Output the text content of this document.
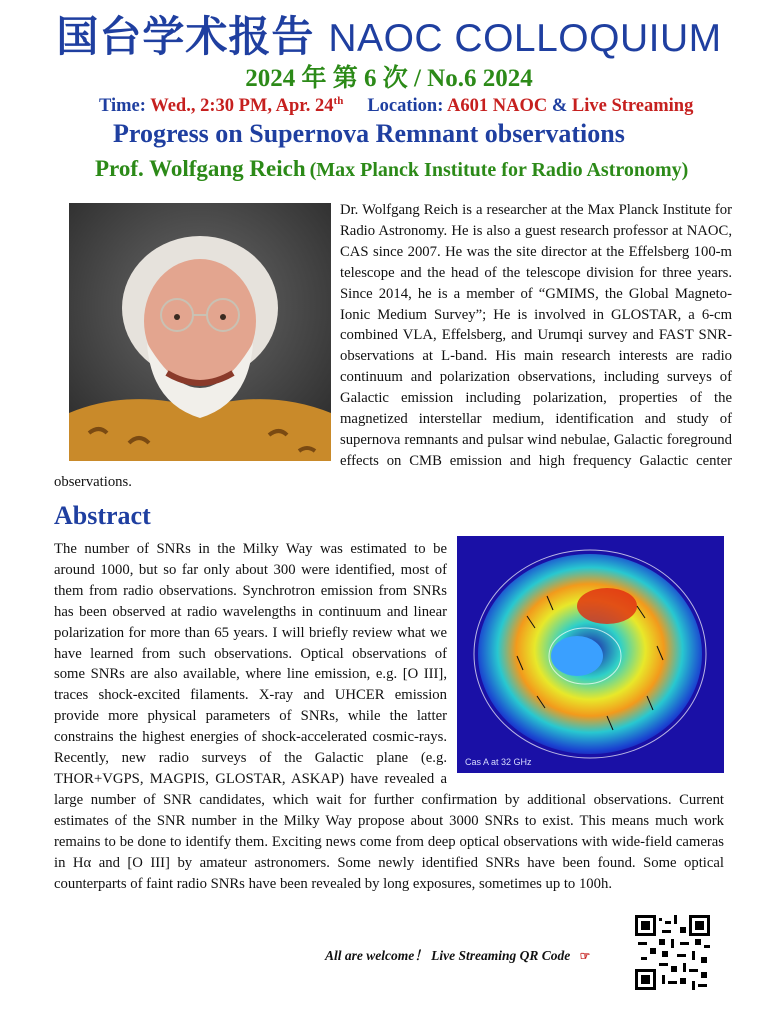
国台学术报告 NAOC COLLOQUIUM
2024 年 第 6 次 / No.6 2024
Time: Wed., 2:30 PM, Apr. 24th Location: A601 NAOC & Live Streaming
Progress on Supernova Remnant observations
Prof. Wolfgang Reich (Max Planck Institute for Radio Astronomy)
Dr. Wolfgang Reich is a researcher at the Max Planck Institute for Radio Astronomy. He is also a guest research professor at NAOC, CAS since 2007. He was the site director at the Effelsberg 100-m telescope and the head of the telescope division for three years. Since 2014, he is a member of “GMIMS, the Global Magneto-Ionic Medium Survey”; He is involved in GLOSTAR, a 6-cm combined VLA, Effelsberg, and Urumqi survey and FAST SNR-observations at L-band. His main research interests are radio continuum and polarization observations, including surveys of Galactic emission including polarization, properties of the magnetized interstellar medium, identification and study of supernova remnants and pulsar wind nebulae, Galactic foreground effects on CMB emission and high frequency Galactic center observations.
Abstract
The number of SNRs in the Milky Way was estimated to be around 1000, but so far only about 300 were identified, most of them from radio observations. Synchrotron emission from SNRs has been observed at radio wavelengths in continuum and linear polarization for more than 65 years. I will briefly review what we have learned from such observations. Optical observations of some SNRs are also available, where line emission, e.g. [O III], traces shock-excited filaments. X-ray and UHCER emission provide more physical parameters of SNRs, while the latter constrains the highest energies of shock-accelerated cosmic-rays. Recently, new radio surveys of the Galactic plane (e.g. THOR+VGPS, MAGPIS, GLOSTAR, ASKAP) have revealed a large number of SNR candidates, which wait for further confirmation by additional observations. Current estimates of the SNR number in the Milky Way propose about 3000 SNRs to exist. This means much work remains to be done to identify them. Exciting news come from deep optical observations with wide-field cameras in Hα and [O III] by amateur astronomers. Some newly identified SNRs have been found. Some optical counterparts of faint radio SNRs have been revealed by long exposures, sometimes up to 100h.
Cas A at 32 GHz
All are welcome！ Live Streaming QR Code ☞
